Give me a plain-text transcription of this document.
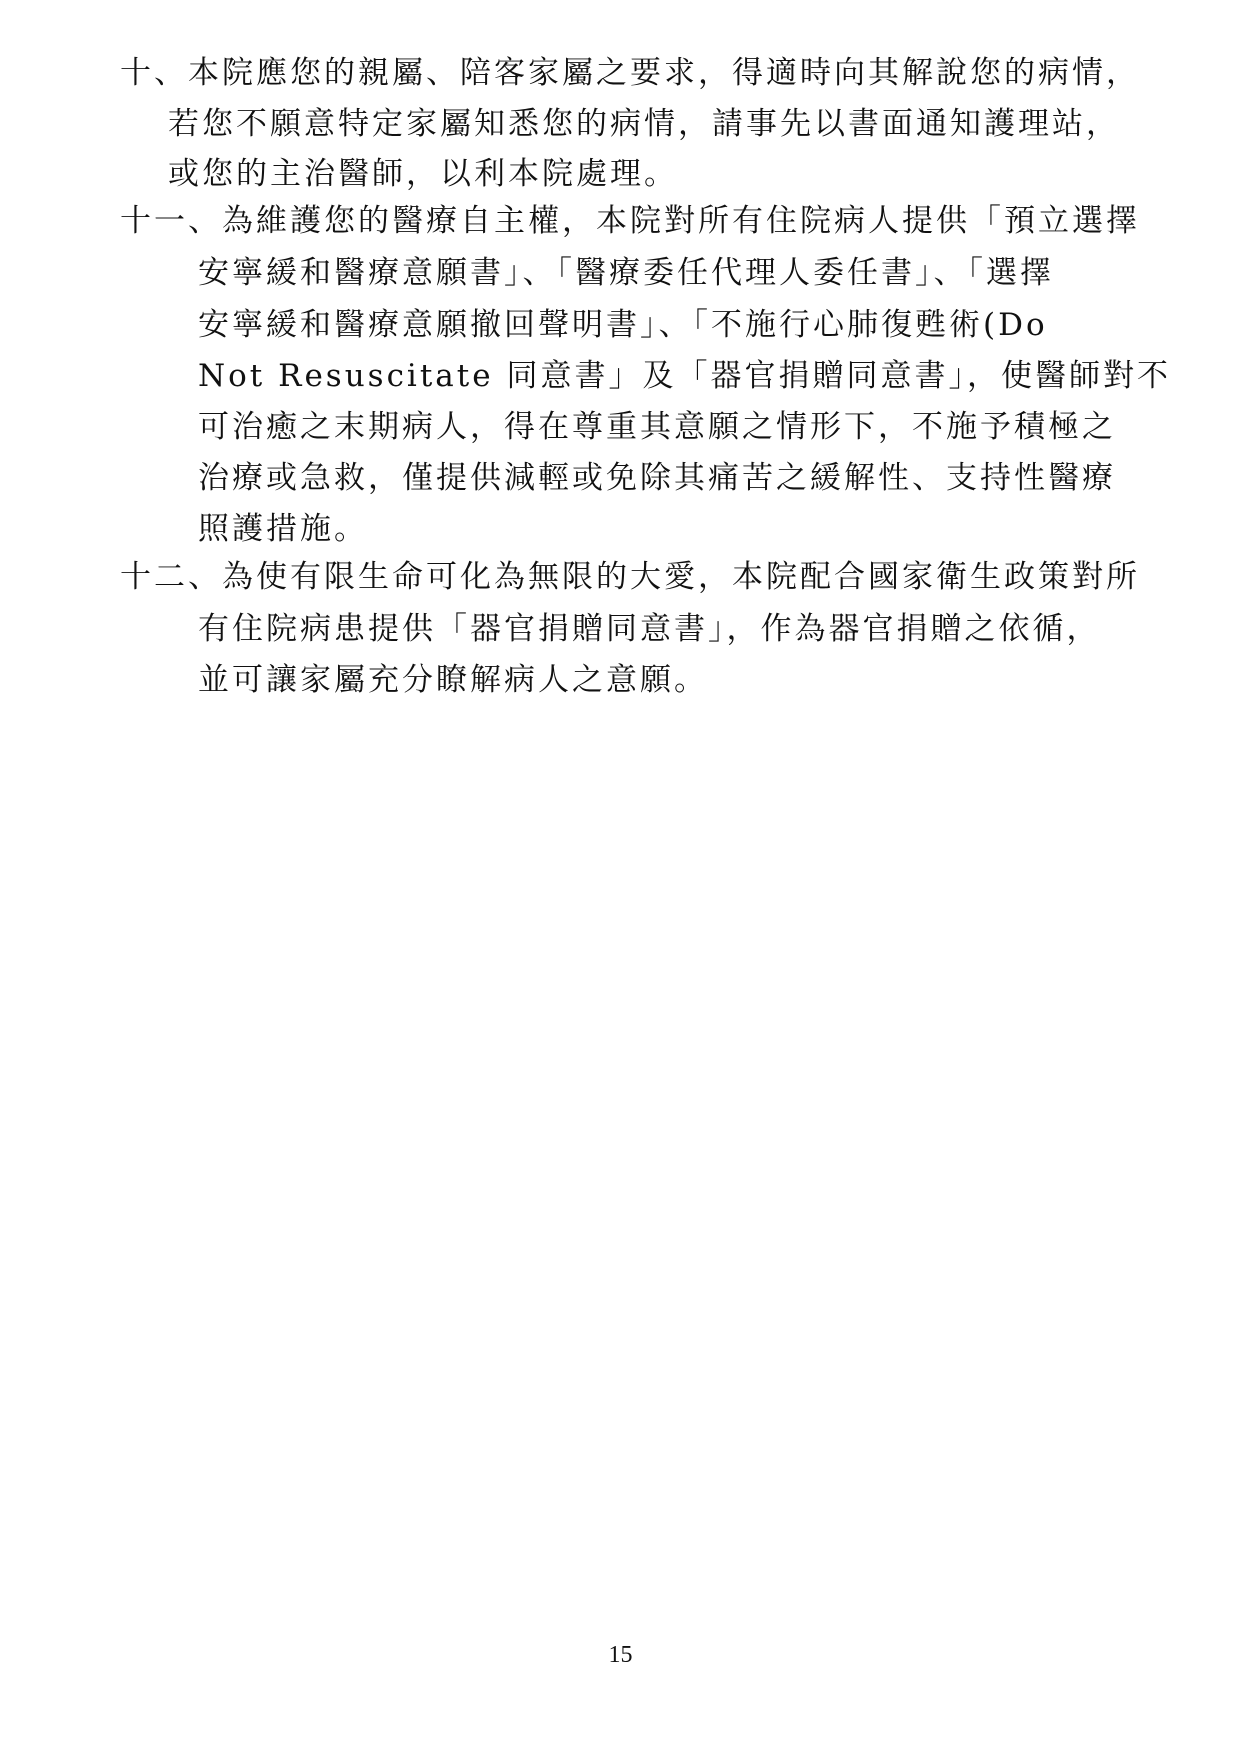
十、本院應您的親屬、陪客家屬之要求，得適時向其解說您的病情，
若您不願意特定家屬知悉您的病情，請事先以書面通知護理站，
或您的主治醫師，以利本院處理。
十一、為維護您的醫療自主權，本院對所有住院病人提供「預立選擇
安寧緩和醫療意願書」、「醫療委任代理人委任書」、「選擇
安寧緩和醫療意願撤回聲明書」、「不施行心肺復甦術(Do
Not Resuscitate 同意書」及「器官捐贈同意書」，使醫師對不
可治癒之末期病人，得在尊重其意願之情形下，不施予積極之
治療或急救，僅提供減輕或免除其痛苦之緩解性、支持性醫療
照護措施。
十二、為使有限生命可化為無限的大愛，本院配合國家衛生政策對所
有住院病患提供「器官捐贈同意書」，作為器官捐贈之依循，
並可讓家屬充分瞭解病人之意願。
15
